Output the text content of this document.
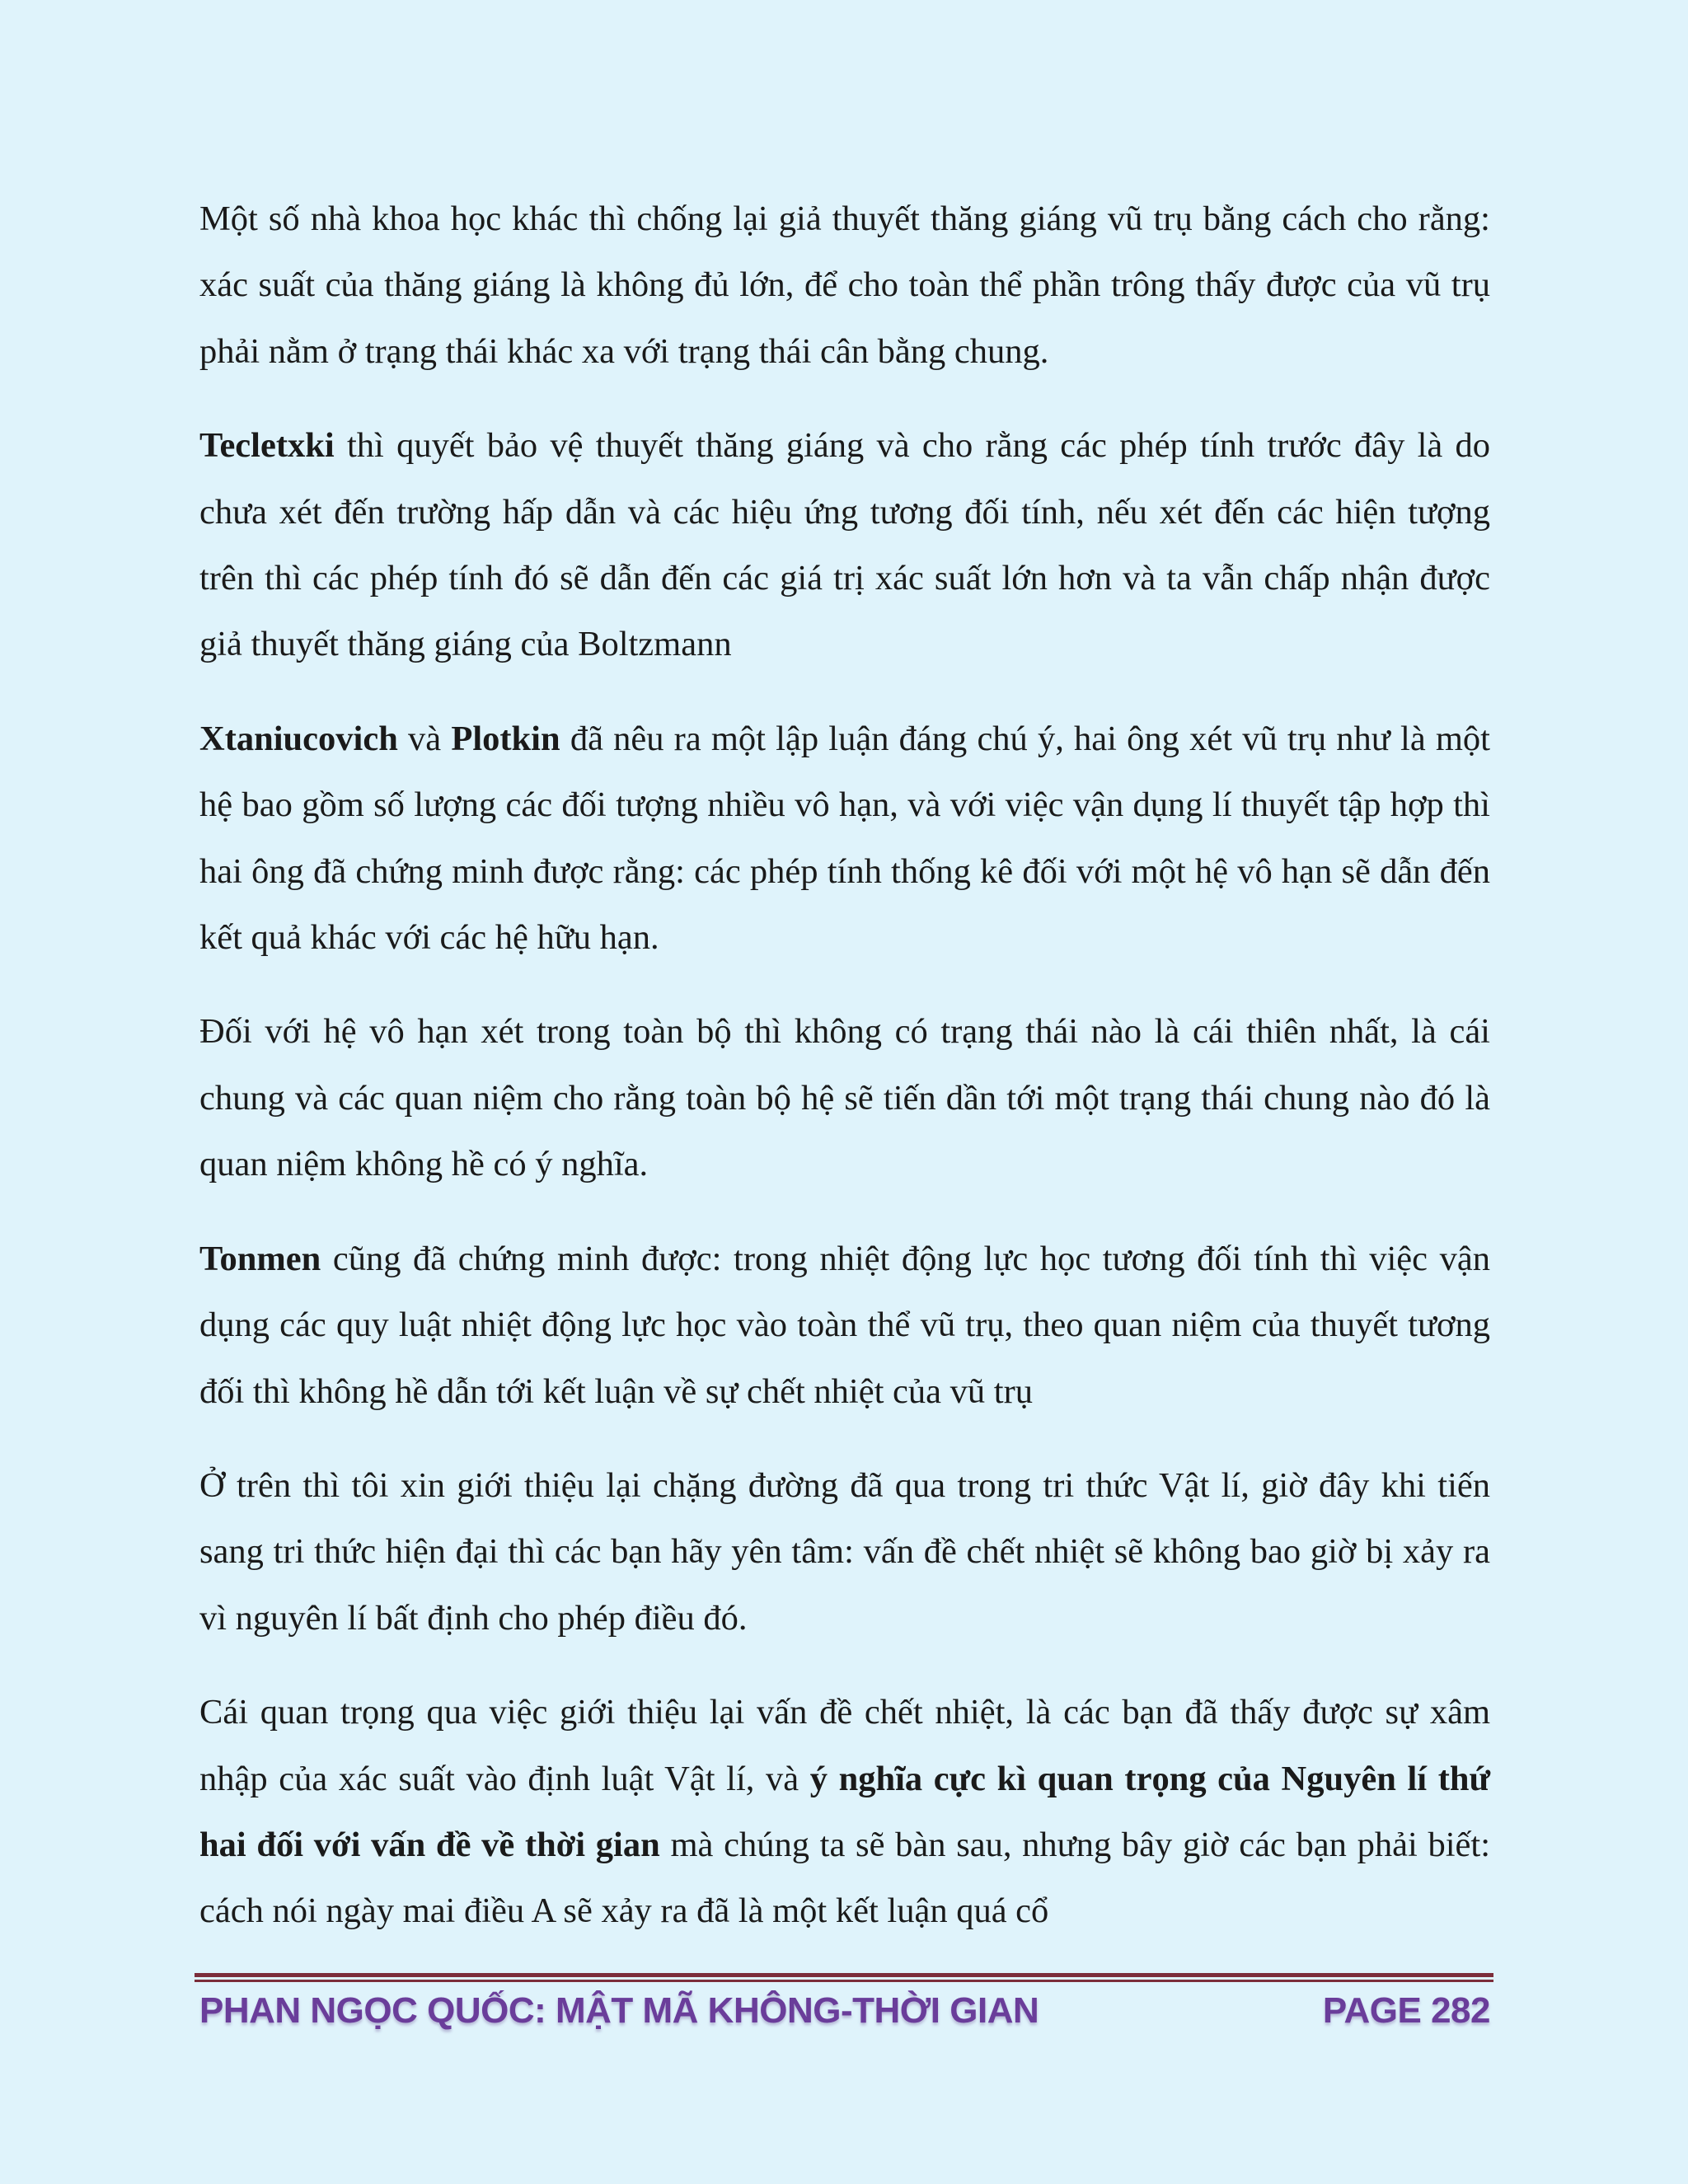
Một số nhà khoa học khác thì chống lại giả thuyết thăng giáng vũ trụ bằng cách cho rằng: xác suất của thăng giáng là không đủ lớn, để cho toàn thể phần trông thấy được của vũ trụ phải nằm ở trạng thái khác xa với trạng thái cân bằng chung.

Tecletxki thì quyết bảo vệ thuyết thăng giáng và cho rằng các phép tính trước đây là do chưa xét đến trường hấp dẫn và các hiệu ứng tương đối tính, nếu xét đến các hiện tượng trên thì các phép tính đó sẽ dẫn đến các giá trị xác suất lớn hơn và ta vẫn chấp nhận được giả thuyết thăng giáng của Boltzmann

Xtaniucovich và Plotkin đã nêu ra một lập luận đáng chú ý, hai ông xét vũ trụ như là một hệ bao gồm số lượng các đối tượng nhiều vô hạn, và với việc vận dụng lí thuyết tập hợp thì hai ông đã chứng minh được rằng: các phép tính thống kê đối với một hệ vô hạn sẽ dẫn đến kết quả khác với các hệ hữu hạn.

Đối với hệ vô hạn xét trong toàn bộ thì không có trạng thái nào là cái thiên nhất, là cái chung và các quan niệm cho rằng toàn bộ hệ sẽ tiến dần tới một trạng thái chung nào đó là quan niệm không hề có ý nghĩa.

Tonmen cũng đã chứng minh được: trong nhiệt động lực học tương đối tính thì việc vận dụng các quy luật nhiệt động lực học vào toàn thể vũ trụ, theo quan niệm của thuyết tương đối thì không hề dẫn tới kết luận về sự chết nhiệt của vũ trụ

Ở trên thì tôi xin giới thiệu lại chặng đường đã qua trong tri thức Vật lí, giờ đây khi tiến sang tri thức hiện đại thì các bạn hãy yên tâm: vấn đề chết nhiệt sẽ không bao giờ bị xảy ra vì nguyên lí bất định cho phép điều đó.

Cái quan trọng qua việc giới thiệu lại vấn đề chết nhiệt, là các bạn đã thấy được sự xâm nhập của xác suất vào định luật Vật lí, và ý nghĩa cực kì quan trọng của Nguyên lí thứ hai đối với vấn đề về thời gian mà chúng ta sẽ bàn sau, nhưng bây giờ các bạn phải biết: cách nói ngày mai điều A sẽ xảy ra đã là một kết luận quá cổ

PHAN NGỌC QUỐC: MẬT MÃ KHÔNG-THỜI GIAN	PAGE 282
